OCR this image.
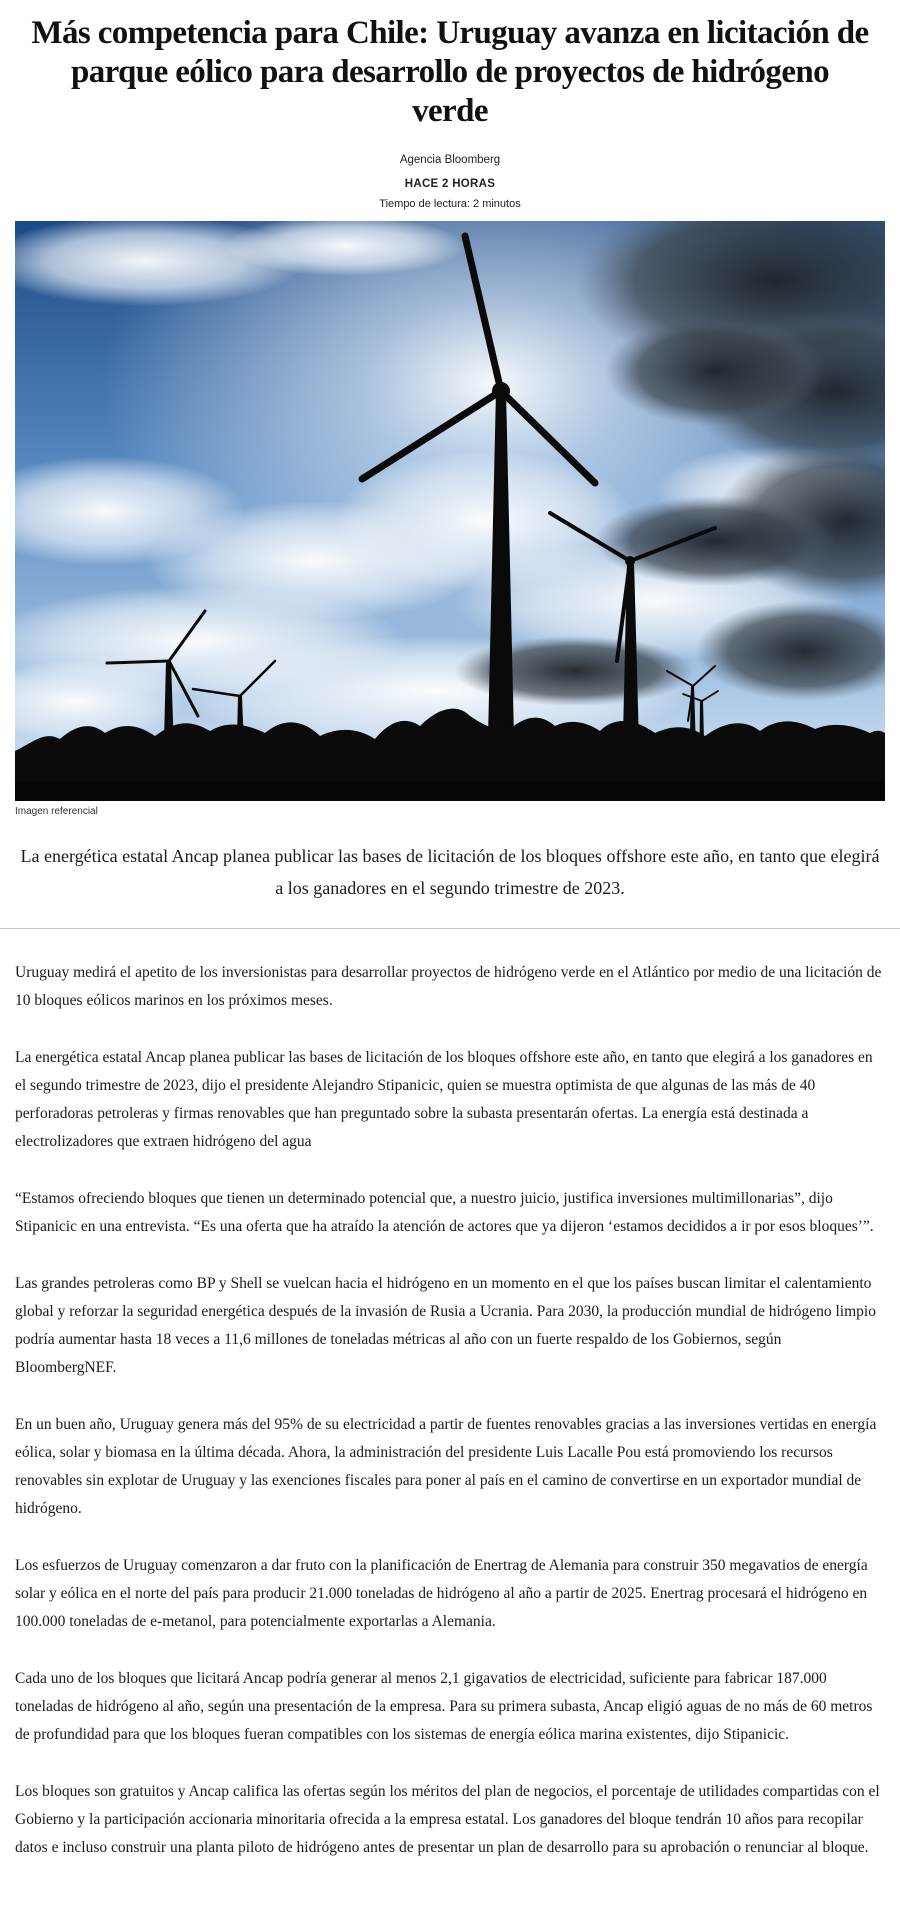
Más competencia para Chile: Uruguay avanza en licitación de parque eólico para desarrollo de proyectos de hidrógeno verde
Agencia Bloomberg
HACE 2 HORAS
Tiempo de lectura: 2 minutos
Imagen referencial

La energética estatal Ancap planea publicar las bases de licitación de los bloques offshore este año, en tanto que elegirá a los ganadores en el segundo trimestre de 2023.

Uruguay medirá el apetito de los inversionistas para desarrollar proyectos de hidrógeno verde en el Atlántico por medio de una licitación de 10 bloques eólicos marinos en los próximos meses.

La energética estatal Ancap planea publicar las bases de licitación de los bloques offshore este año, en tanto que elegirá a los ganadores en el segundo trimestre de 2023, dijo el presidente Alejandro Stipanicic, quien se muestra optimista de que algunas de las más de 40 perforadoras petroleras y firmas renovables que han preguntado sobre la subasta presentarán ofertas. La energía está destinada a electrolizadores que extraen hidrógeno del agua

“Estamos ofreciendo bloques que tienen un determinado potencial que, a nuestro juicio, justifica inversiones multimillonarias”, dijo Stipanicic en una entrevista. “Es una oferta que ha atraído la atención de actores que ya dijeron ‘estamos decididos a ir por esos bloques’”.

Las grandes petroleras como BP y Shell se vuelcan hacia el hidrógeno en un momento en el que los países buscan limitar el calentamiento global y reforzar la seguridad energética después de la invasión de Rusia a Ucrania. Para 2030, la producción mundial de hidrógeno limpio podría aumentar hasta 18 veces a 11,6 millones de toneladas métricas al año con un fuerte respaldo de los Gobiernos, según BloombergNEF.

En un buen año, Uruguay genera más del 95% de su electricidad a partir de fuentes renovables gracias a las inversiones vertidas en energía eólica, solar y biomasa en la última década. Ahora, la administración del presidente Luis Lacalle Pou está promoviendo los recursos renovables sin explotar de Uruguay y las exenciones fiscales para poner al país en el camino de convertirse en un exportador mundial de hidrógeno.

Los esfuerzos de Uruguay comenzaron a dar fruto con la planificación de Enertrag de Alemania para construir 350 megavatios de energía solar y eólica en el norte del país para producir 21.000 toneladas de hidrógeno al año a partir de 2025. Enertrag procesará el hidrógeno en 100.000 toneladas de e-metanol, para potencialmente exportarlas a Alemania.

Cada uno de los bloques que licitará Ancap podría generar al menos 2,1 gigavatios de electricidad, suficiente para fabricar 187.000 toneladas de hidrógeno al año, según una presentación de la empresa. Para su primera subasta, Ancap eligió aguas de no más de 60 metros de profundidad para que los bloques fueran compatibles con los sistemas de energía eólica marina existentes, dijo Stipanicic.

Los bloques son gratuitos y Ancap califica las ofertas según los méritos del plan de negocios, el porcentaje de utilidades compartidas con el Gobierno y la participación accionaria minoritaria ofrecida a la empresa estatal. Los ganadores del bloque tendrán 10 años para recopilar datos e incluso construir una planta piloto de hidrógeno antes de presentar un plan de desarrollo para su aprobación o renunciar al bloque.
